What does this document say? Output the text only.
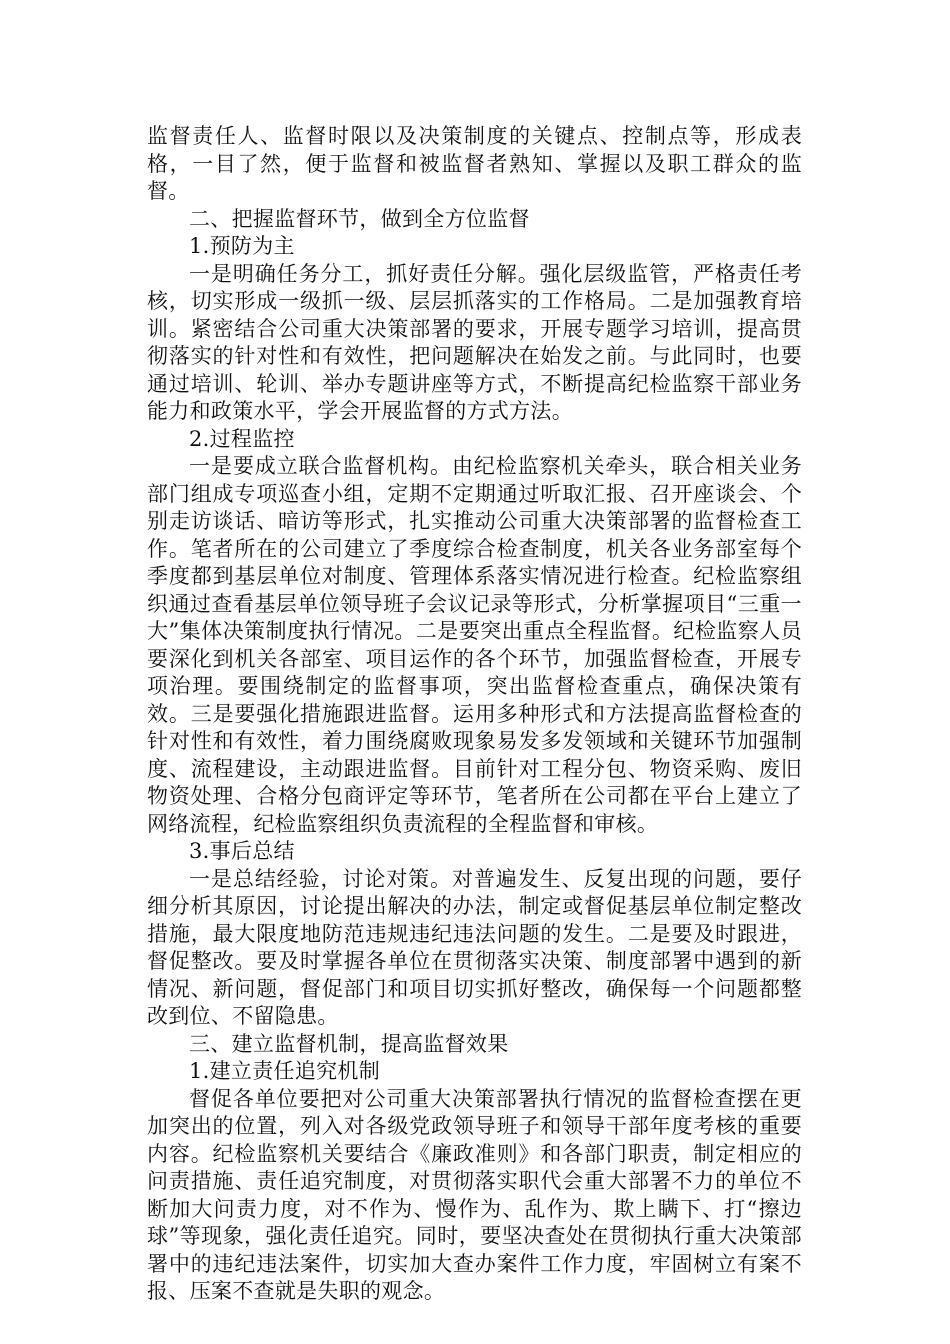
监督责任人、监督时限以及决策制度的关键点、控制点等，形成表格，一目了然，便于监督和被监督者熟知、掌握以及职工群众的监督。

二、把握监督环节，做到全方位监督

1.预防为主

一是明确任务分工，抓好责任分解。强化层级监管，严格责任考核，切实形成一级抓一级、层层抓落实的工作格局。二是加强教育培训。紧密结合公司重大决策部署的要求，开展专题学习培训，提高贯彻落实的针对性和有效性，把问题解决在始发之前。与此同时，也要通过培训、轮训、举办专题讲座等方式，不断提高纪检监察干部业务能力和政策水平，学会开展监督的方式方法。

2.过程监控

一是要成立联合监督机构。由纪检监察机关牵头，联合相关业务部门组成专项巡查小组，定期不定期通过听取汇报、召开座谈会、个别走访谈话、暗访等形式，扎实推动公司重大决策部署的监督检查工作。笔者所在的公司建立了季度综合检查制度，机关各业务部室每个季度都到基层单位对制度、管理体系落实情况进行检查。纪检监察组织通过查看基层单位领导班子会议记录等形式，分析掌握项目“三重一大”集体决策制度执行情况。二是要突出重点全程监督。纪检监察人员要深化到机关各部室、项目运作的各个环节，加强监督检查，开展专项治理。要围绕制定的监督事项，突出监督检查重点，确保决策有效。三是要强化措施跟进监督。运用多种形式和方法提高监督检查的针对性和有效性，着力围绕腐败现象易发多发领域和关键环节加强制度、流程建设，主动跟进监督。目前针对工程分包、物资采购、废旧物资处理、合格分包商评定等环节，笔者所在公司都在平台上建立了网络流程，纪检监察组织负责流程的全程监督和审核。

3.事后总结

一是总结经验，讨论对策。对普遍发生、反复出现的问题，要仔细分析其原因，讨论提出解决的办法，制定或督促基层单位制定整改措施，最大限度地防范违规违纪违法问题的发生。二是要及时跟进，督促整改。要及时掌握各单位在贯彻落实决策、制度部署中遇到的新情况、新问题，督促部门和项目切实抓好整改，确保每一个问题都整改到位、不留隐患。

三、建立监督机制，提高监督效果

1.建立责任追究机制

督促各单位要把对公司重大决策部署执行情况的监督检查摆在更加突出的位置，列入对各级党政领导班子和领导干部年度考核的重要内容。纪检监察机关要结合《廉政准则》和各部门职责，制定相应的问责措施、责任追究制度，对贯彻落实职代会重大部署不力的单位不断加大问责力度，对不作为、慢作为、乱作为、欺上瞒下、打“擦边球”等现象，强化责任追究。同时，要坚决查处在贯彻执行重大决策部署中的违纪违法案件，切实加大查办案件工作力度，牢固树立有案不报、压案不查就是失职的观念。
